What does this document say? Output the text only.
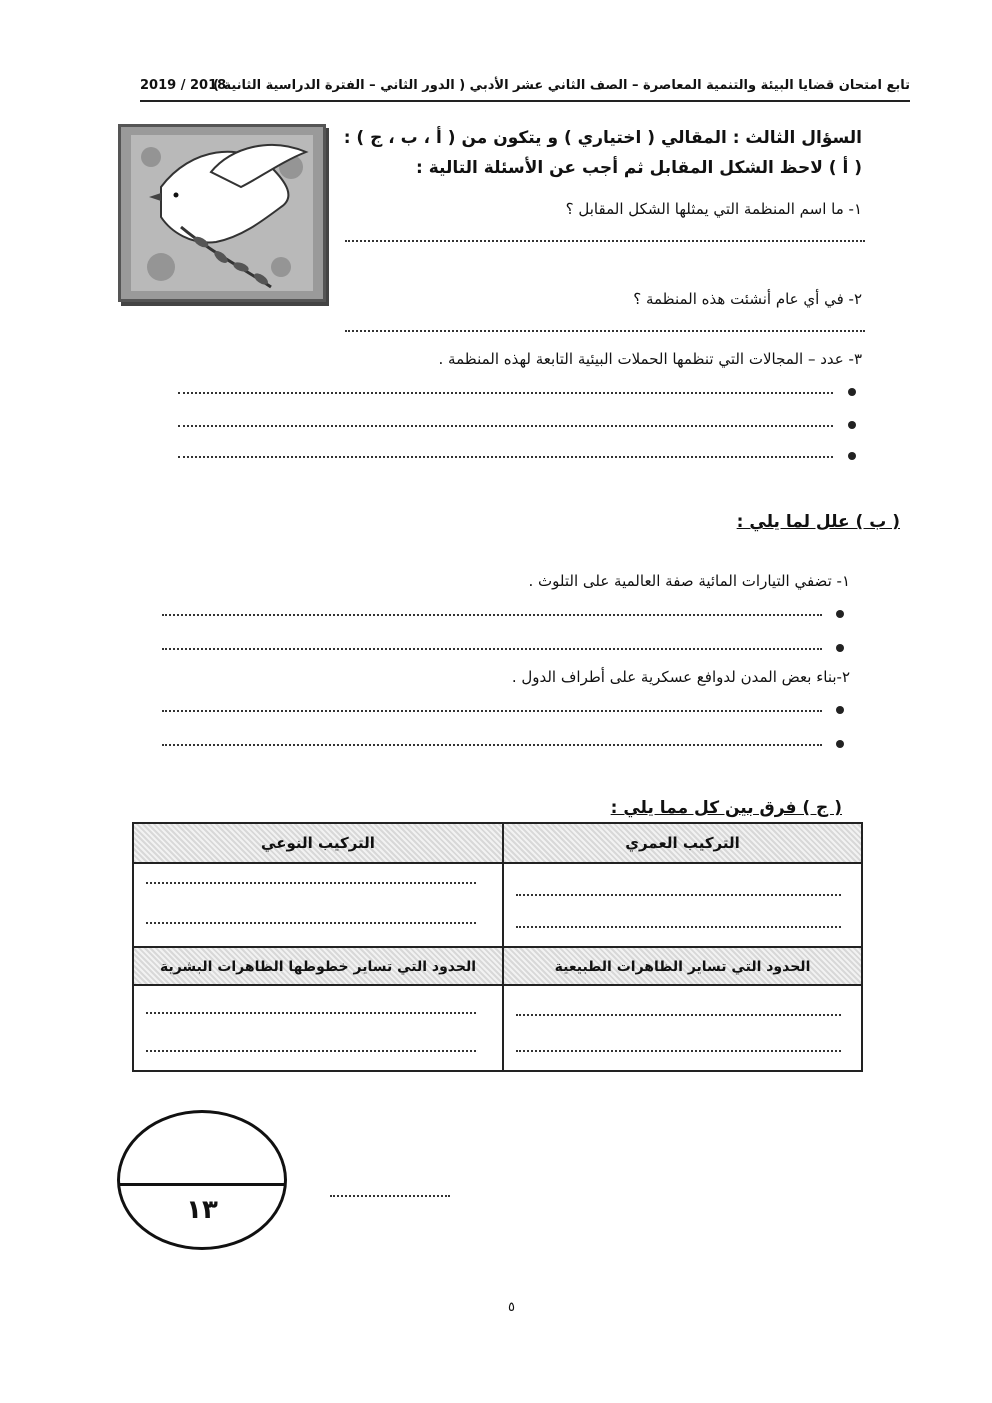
2019 / 2018
تابع امتحان قضايا البيئة والتنمية المعاصرة – الصف الثاني عشر الأدبي ( الدور الثاني – الفترة الدراسية الثانية )
السؤال الثالث : المقالي ( اختياري ) و يتكون من ( أ ، ب ، ج ) :
( أ ) لاحظ الشكل المقابل ثم أجب عن الأسئلة التالية :
١- ما اسم المنظمة التي يمثلها الشكل المقابل ؟
٢- في أي عام أنشئت هذه المنظمة ؟
٣- عدد – المجالات التي تنظمها الحملات البيئية التابعة لهذه المنظمة .
( ب ) علل لما يلي :
١- تضفي التيارات المائية صفة العالمية على التلوث .
٢-بناء بعض المدن لدوافع عسكرية على أطراف الدول .
( ج ) فرق بين كل مما يلي :
التركيب النوعي	التركيب العمري
الحدود التي تساير خطوطها الظاهرات البشرية	الحدود التي تساير الظاهرات الطبيعية
١٣
٥
